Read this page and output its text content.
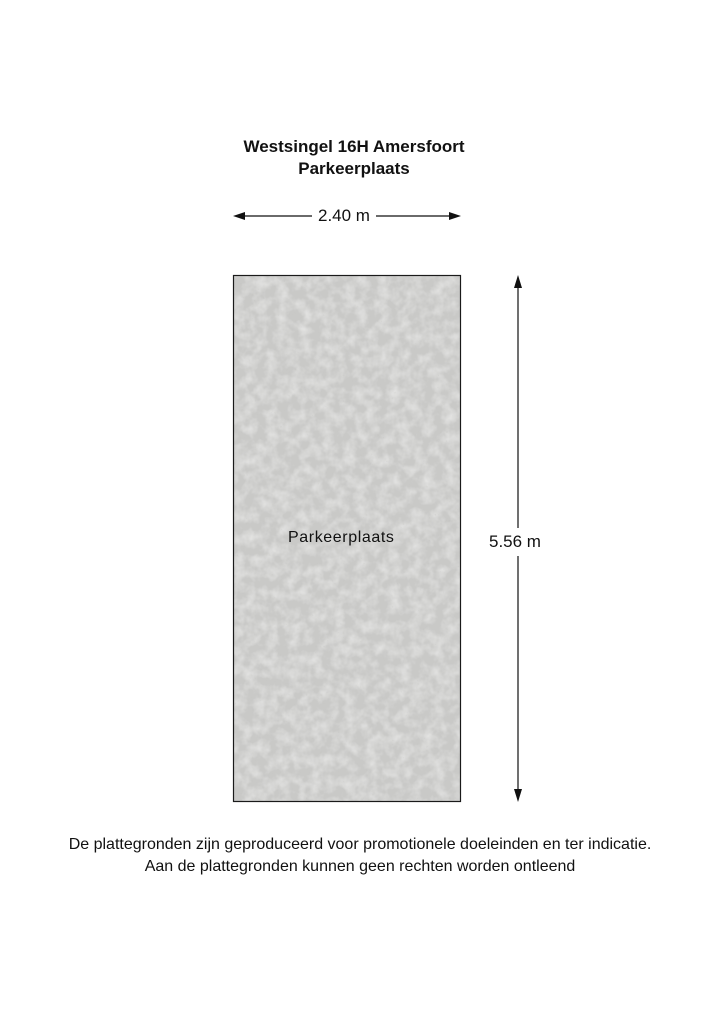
Westsingel 16H Amersfoort
Parkeerplaats
2.40 m
5.56 m
Parkeerplaats
De plattegronden zijn geproduceerd voor promotionele doeleinden en ter indicatie.
Aan de plattegronden kunnen geen rechten worden ontleend
